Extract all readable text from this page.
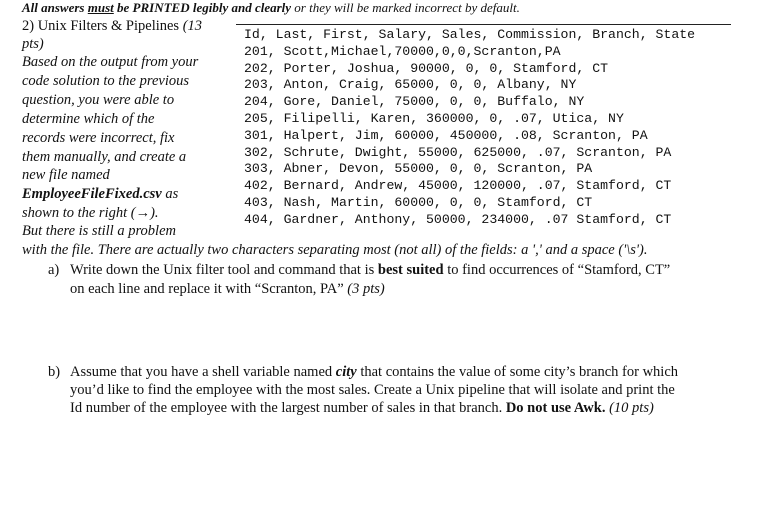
All answers must be PRINTED legibly and clearly or they will be marked incorrect by default.
2) Unix Filters & Pipelines (13
pts)
Based on the output from your
code solution to the previous
question, you were able to
determine which of the
records were incorrect, fix
them manually, and create a
new file named
EmployeeFileFixed.csv as
shown to the right (→).
But there is still a problem
with the file. There are actually two characters separating most (not all) of the fields: a ',' and a space ('\s').
Id, Last, First, Salary, Sales, Commission, Branch, State
201, Scott,Michael,70000,0,0,Scranton,PA
202, Porter, Joshua, 90000, 0, 0, Stamford, CT
203, Anton, Craig, 65000, 0, 0, Albany, NY
204, Gore, Daniel, 75000, 0, 0, Buffalo, NY
205, Filipelli, Karen, 360000, 0, .07, Utica, NY
301, Halpert, Jim, 60000, 450000, .08, Scranton, PA
302, Schrute, Dwight, 55000, 625000, .07, Scranton, PA
303, Abner, Devon, 55000, 0, 0, Scranton, PA
402, Bernard, Andrew, 45000, 120000, .07, Stamford, CT
403, Nash, Martin, 60000, 0, 0, Stamford, CT
404, Gardner, Anthony, 50000, 234000, .07 Stamford, CT
a) Write down the Unix filter tool and command that is best suited to find occurrences of “Stamford, CT”
on each line and replace it with “Scranton, PA” (3 pts)
b) Assume that you have a shell variable named city that contains the value of some city’s branch for which
you’d like to find the employee with the most sales. Create a Unix pipeline that will isolate and print the
Id number of the employee with the largest number of sales in that branch. Do not use Awk. (10 pts)
